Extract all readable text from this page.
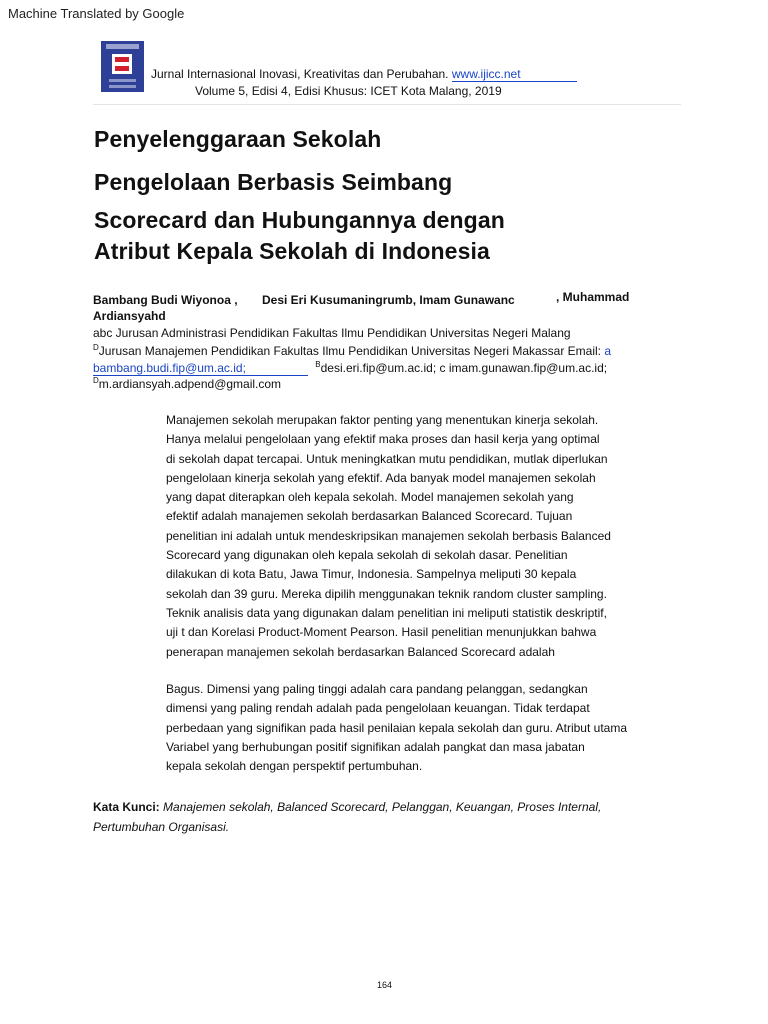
Machine Translated by Google
Jurnal Internasional Inovasi, Kreativitas dan Perubahan. www.ijicc.net
Volume 5, Edisi 4, Edisi Khusus: ICET Kota Malang, 2019
Penyelenggaraan Sekolah
Pengelolaan Berbasis Seimbang
Scorecard dan Hubungannya dengan
Atribut Kepala Sekolah di Indonesia
Bambang Budi Wiyonoa , Desi Eri Kusumaningrumb, Imam Gunawanc	, Muhammad
Ardiansyahd
abc Jurusan Administrasi Pendidikan Fakultas Ilmu Pendidikan Universitas Negeri Malang
$^D$Jurusan Manajemen Pendidikan Fakultas Ilmu Pendidikan Universitas Negeri Makassar Email: a
bambang.budi.fip@um.ac.id;	$^B$desi.eri.fip@um.ac.id; c imam.gunawan.fip@um.ac.id;
$^D$m.ardiansyah.adpend@gmail.com
Manajemen sekolah merupakan faktor penting yang menentukan kinerja sekolah.
Hanya melalui pengelolaan yang efektif maka proses dan hasil kerja yang optimal
di sekolah dapat tercapai. Untuk meningkatkan mutu pendidikan, mutlak diperlukan
pengelolaan kinerja sekolah yang efektif. Ada banyak model manajemen sekolah
yang dapat diterapkan oleh kepala sekolah. Model manajemen sekolah yang
efektif adalah manajemen sekolah berdasarkan Balanced Scorecard. Tujuan
penelitian ini adalah untuk mendeskripsikan manajemen sekolah berbasis Balanced
Scorecard yang digunakan oleh kepala sekolah di sekolah dasar. Penelitian
dilakukan di kota Batu, Jawa Timur, Indonesia. Sampelnya meliputi 30 kepala
sekolah dan 39 guru. Mereka dipilih menggunakan teknik random cluster sampling.
Teknik analisis data yang digunakan dalam penelitian ini meliputi statistik deskriptif,
uji t dan Korelasi Product-Moment Pearson. Hasil penelitian menunjukkan bahwa
penerapan manajemen sekolah berdasarkan Balanced Scorecard adalah
Bagus. Dimensi yang paling tinggi adalah cara pandang pelanggan, sedangkan
dimensi yang paling rendah adalah pada pengelolaan keuangan. Tidak terdapat
perbedaan yang signifikan pada hasil penilaian kepala sekolah dan guru. Atribut utama
Variabel yang berhubungan positif signifikan adalah pangkat dan masa jabatan
kepala sekolah dengan perspektif pertumbuhan.
Kata Kunci: Manajemen sekolah, Balanced Scorecard, Pelanggan, Keuangan, Proses Internal,
Pertumbuhan Organisasi.
164
